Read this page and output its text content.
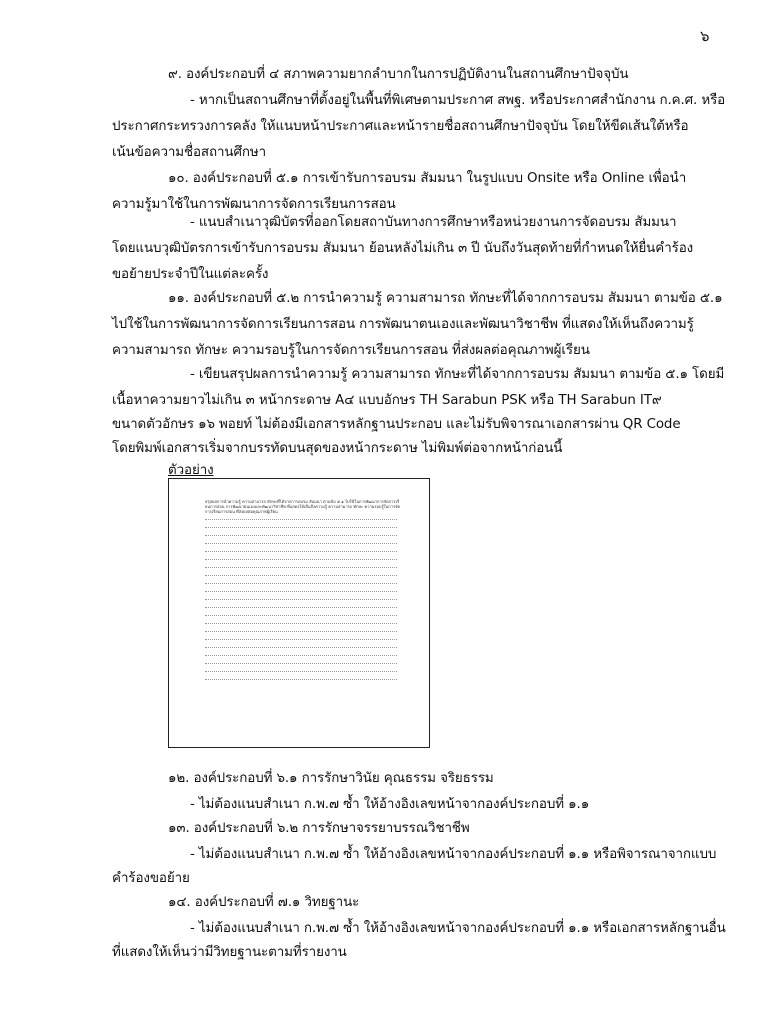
๖
๙. องค์ประกอบที่ ๔ สภาพความยากลำบากในการปฏิบัติงานในสถานศึกษาปัจจุบัน
- หากเป็นสถานศึกษาที่ตั้งอยู่ในพื้นที่พิเศษตามประกาศ สพฐ. หรือประกาศสำนักงาน ก.ค.ศ. หรือ
ประกาศกระทรวงการคลัง ให้แนบหน้าประกาศและหน้ารายชื่อสถานศึกษาปัจจุบัน โดยให้ขีดเส้นใต้หรือ
เน้นข้อความชื่อสถานศึกษา
๑๐. องค์ประกอบที่ ๕.๑ การเข้ารับการอบรม สัมมนา ในรูปแบบ Onsite หรือ Online เพื่อนำ
ความรู้มาใช้ในการพัฒนาการจัดการเรียนการสอน
- แนบสำเนาวุฒิบัตรที่ออกโดยสถาบันทางการศึกษาหรือหน่วยงานการจัดอบรม สัมมนา
โดยแนบวุฒิบัตรการเข้ารับการอบรม สัมมนา ย้อนหลังไม่เกิน ๓ ปี นับถึงวันสุดท้ายที่กำหนดให้ยื่นคำร้อง
ขอย้ายประจำปีในแต่ละครั้ง
๑๑. องค์ประกอบที่ ๕.๒ การนำความรู้ ความสามารถ ทักษะที่ได้จากการอบรม สัมมนา ตามข้อ ๕.๑
ไปใช้ในการพัฒนาการจัดการเรียนการสอน การพัฒนาตนเองและพัฒนาวิชาชีพ ที่แสดงให้เห็นถึงความรู้
ความสามารถ ทักษะ ความรอบรู้ในการจัดการเรียนการสอน ที่ส่งผลต่อคุณภาพผู้เรียน
- เขียนสรุปผลการนำความรู้ ความสามารถ ทักษะที่ได้จากการอบรม สัมมนา ตามข้อ ๕.๑ โดยมี
เนื้อหาความยาวไม่เกิน ๓ หน้ากระดาษ A๔ แบบอักษร TH Sarabun PSK หรือ TH Sarabun IT๙
ขนาดตัวอักษร ๑๖ พอยท์ ไม่ต้องมีเอกสารหลักฐานประกอบ และไม่รับพิจารณาเอกสารผ่าน QR Code
โดยพิมพ์เอกสารเริ่มจากบรรทัดบนสุดของหน้ากระดาษ ไม่พิมพ์ต่อจากหน้าก่อนนี้
ตัวอย่าง
สรุปผลการนำความรู้ ความสามารถ ทักษะที่ได้จากการอบรม สัมมนา ตามข้อ ๕.๑ ไปใช้ในการพัฒนาการจัดการเรียนการสอน การพัฒนาตนเองและพัฒนาวิชาชีพ ที่แสดงให้เห็นถึงความรู้ ความสามารถ ทักษะ ความรอบรู้ในการจัดการเรียนการสอน ที่ส่งผลต่อคุณภาพผู้เรียน
๑๒. องค์ประกอบที่ ๖.๑ การรักษาวินัย คุณธรรม จริยธรรม
- ไม่ต้องแนบสำเนา ก.พ.๗ ซ้ำ ให้อ้างอิงเลขหน้าจากองค์ประกอบที่ ๑.๑
๑๓. องค์ประกอบที่ ๖.๒ การรักษาจรรยาบรรณวิชาชีพ
- ไม่ต้องแนบสำเนา ก.พ.๗ ซ้ำ ให้อ้างอิงเลขหน้าจากองค์ประกอบที่ ๑.๑ หรือพิจารณาจากแบบ
คำร้องขอย้าย
๑๔. องค์ประกอบที่ ๗.๑ วิทยฐานะ
- ไม่ต้องแนบสำเนา ก.พ.๗ ซ้ำ ให้อ้างอิงเลขหน้าจากองค์ประกอบที่ ๑.๑ หรือเอกสารหลักฐานอื่น
ที่แสดงให้เห็นว่ามีวิทยฐานะตามที่รายงาน
